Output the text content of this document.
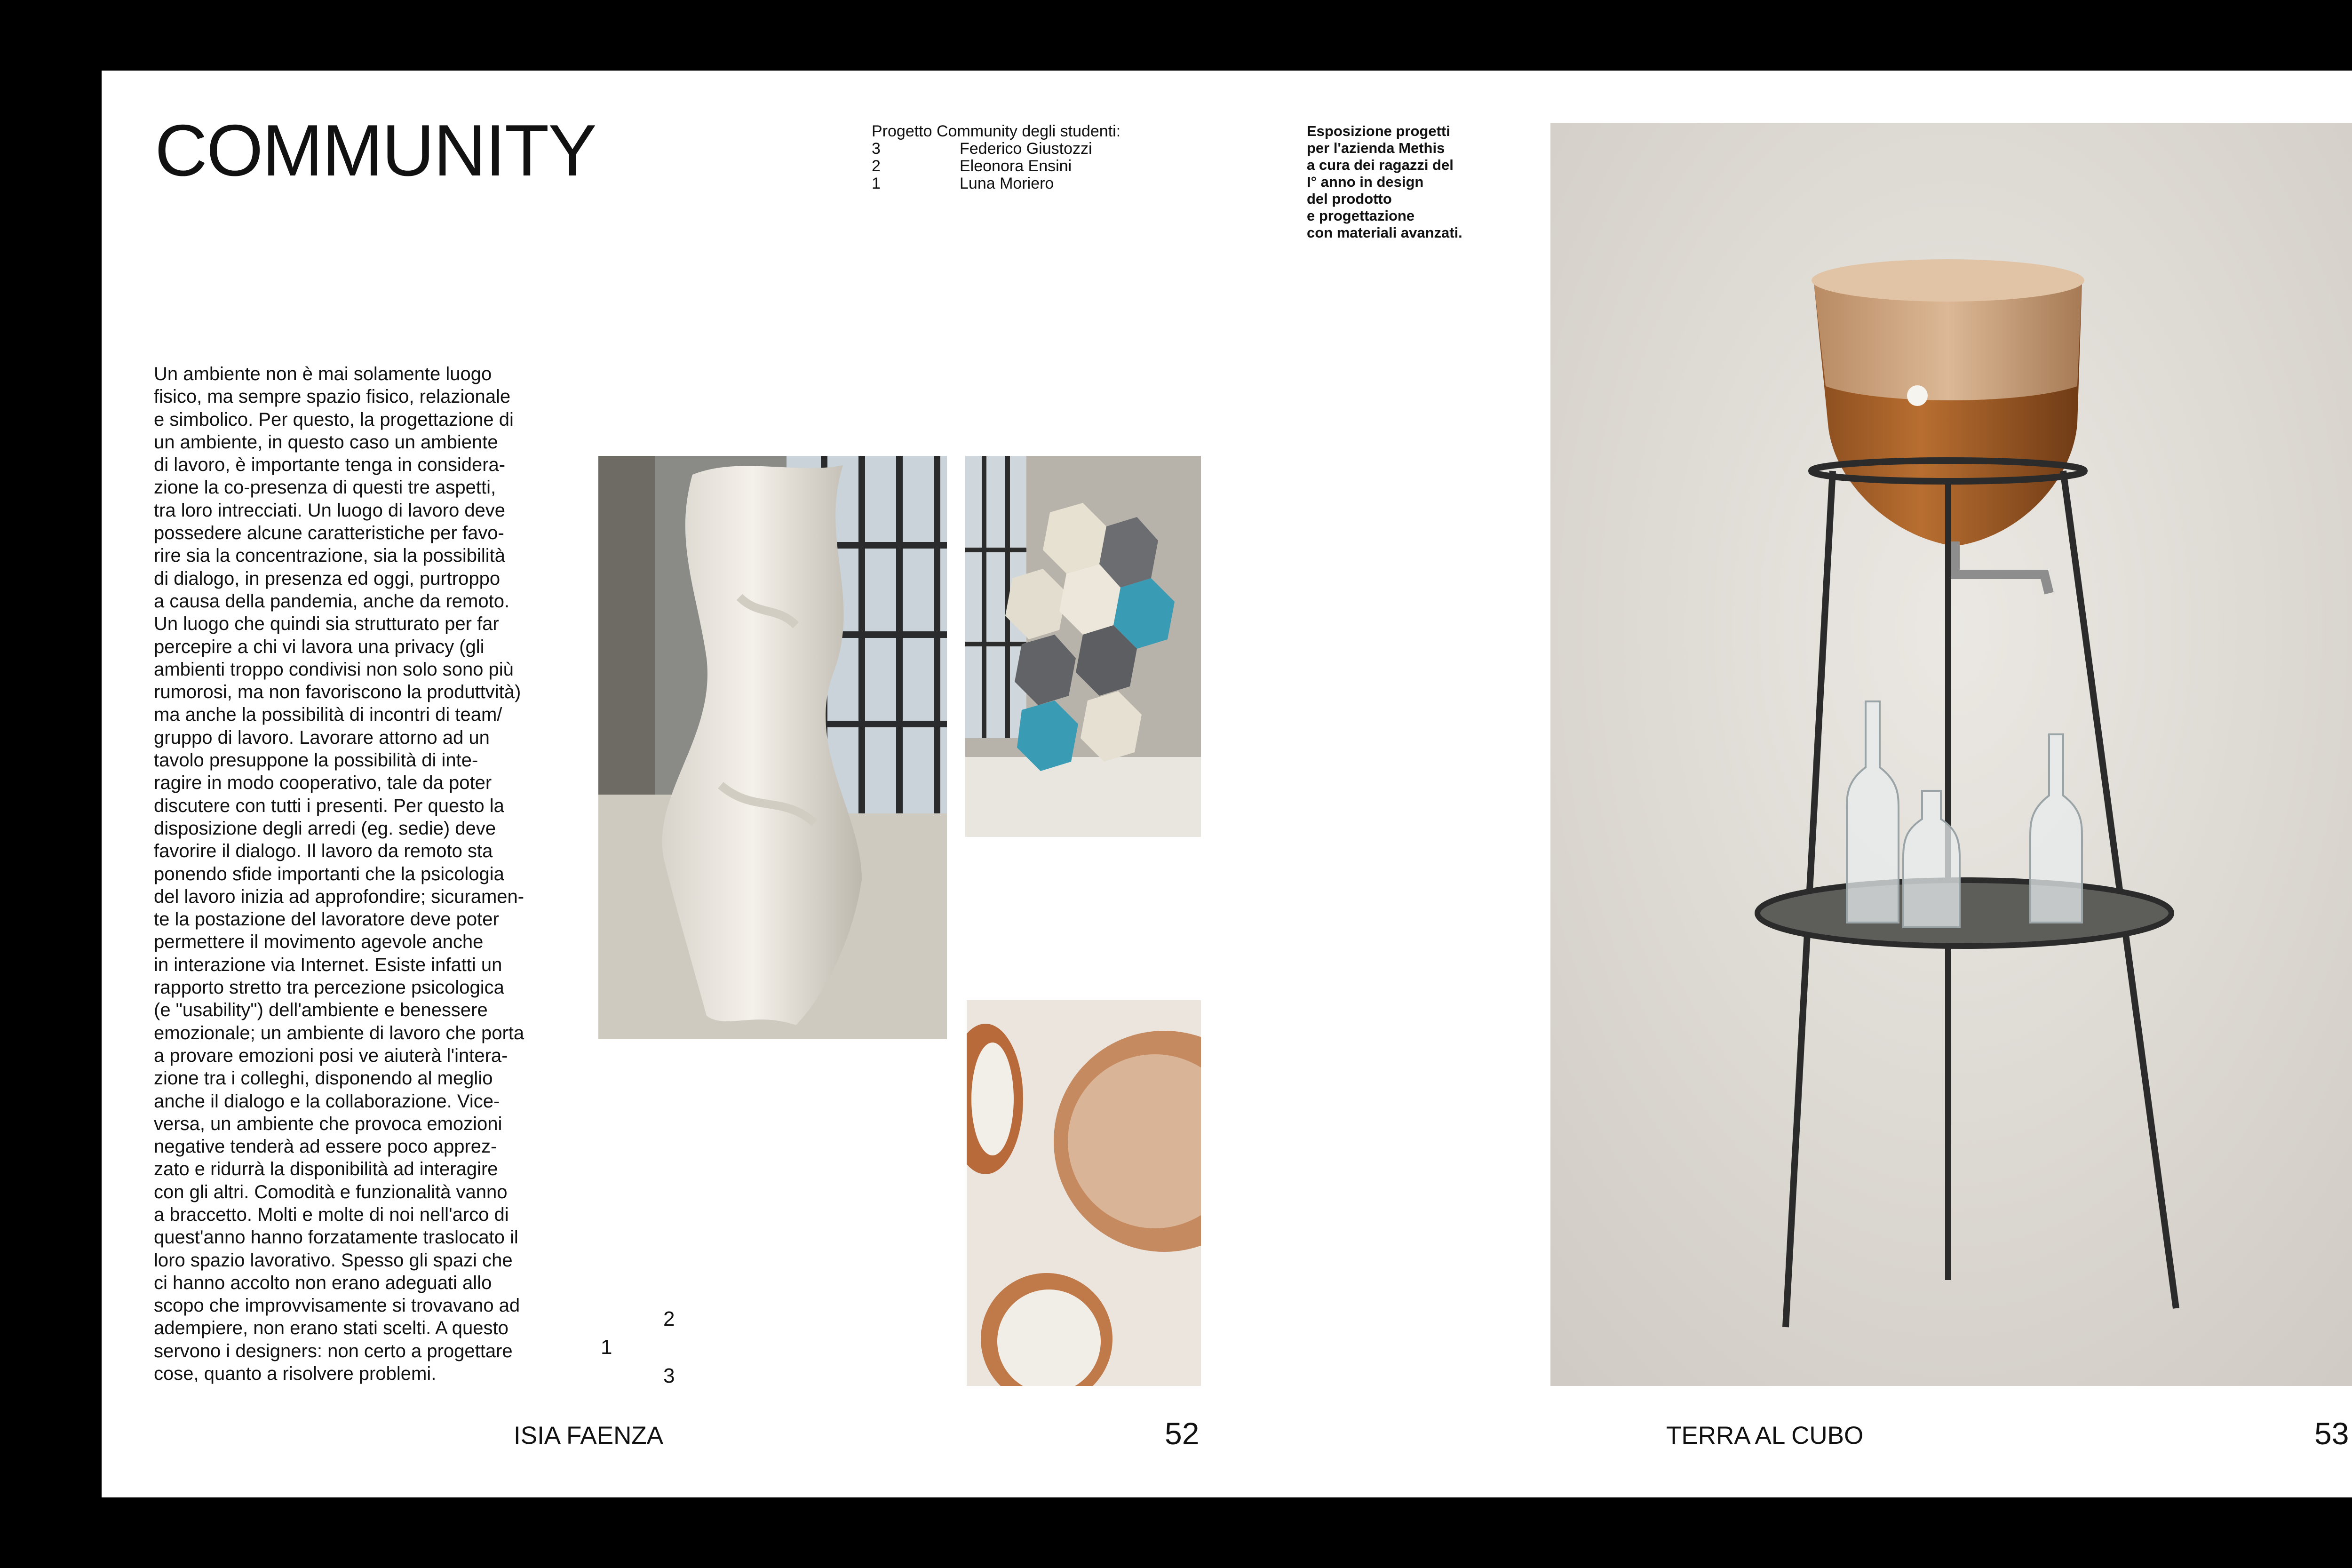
COMMUNITY	Progetto Community degli studenti:
3	Federico Giustozzi
2	Eleonora Ensini
1	Luna Moriero
Un ambiente non è mai solamente luogo
fisico, ma sempre spazio fisico, relazionale
e simbolico. Per questo, la progettazione di
un ambiente, in questo caso un ambiente
di lavoro, è importante tenga in considera-
zione la co-presenza di questi tre aspetti,
tra loro intrecciati. Un luogo di lavoro deve
possedere alcune caratteristiche per favo-
rire sia la concentrazione, sia la possibilità
di dialogo, in presenza ed oggi, purtroppo
a causa della pandemia, anche da remoto.
Un luogo che quindi sia strutturato per far
percepire a chi vi lavora una privacy (gli
ambienti troppo condivisi non solo sono più
rumorosi, ma non favoriscono la produttvità)
ma anche la possibilità di incontri di team/
gruppo di lavoro. Lavorare attorno ad un
tavolo presuppone la possibilità di inte-
ragire in modo cooperativo, tale da poter
discutere con tutti i presenti. Per questo la
disposizione degli arredi (eg. sedie) deve
favorire il dialogo. Il lavoro da remoto sta
ponendo sfide importanti che la psicologia
del lavoro inizia ad approfondire; sicuramen-
te la postazione del lavoratore deve poter
permettere il movimento agevole anche
in interazione via Internet. Esiste infatti un
rapporto stretto tra percezione psicologica
(e "usability") dell'ambiente e benessere
emozionale; un ambiente di lavoro che porta
a provare emozioni posi ve aiuterà l'intera-
zione tra i colleghi, disponendo al meglio
anche il dialogo e la collaborazione. Vice-
versa, un ambiente che provoca emozioni
negative tenderà ad essere poco apprez-
zato e ridurrà la disponibilità ad interagire
con gli altri. Comodità e funzionalità vanno
a braccetto. Molti e molte di noi nell'arco di
quest'anno hanno forzatamente traslocato il
loro spazio lavorativo. Spesso gli spazi che
ci hanno accolto non erano adeguati allo
scopo che improvvisamente si trovavano ad
adempiere, non erano stati scelti. A questo
servono i designers: non certo a progettare
cose, quanto a risolvere problemi.
2
1
3
ISIA FAENZA	52
Esposizione progetti
per l'azienda Methis
a cura dei ragazzi del
I° anno in design
del prodotto
e progettazione
con materiali avanzati.
TERRA AL CUBO	53
